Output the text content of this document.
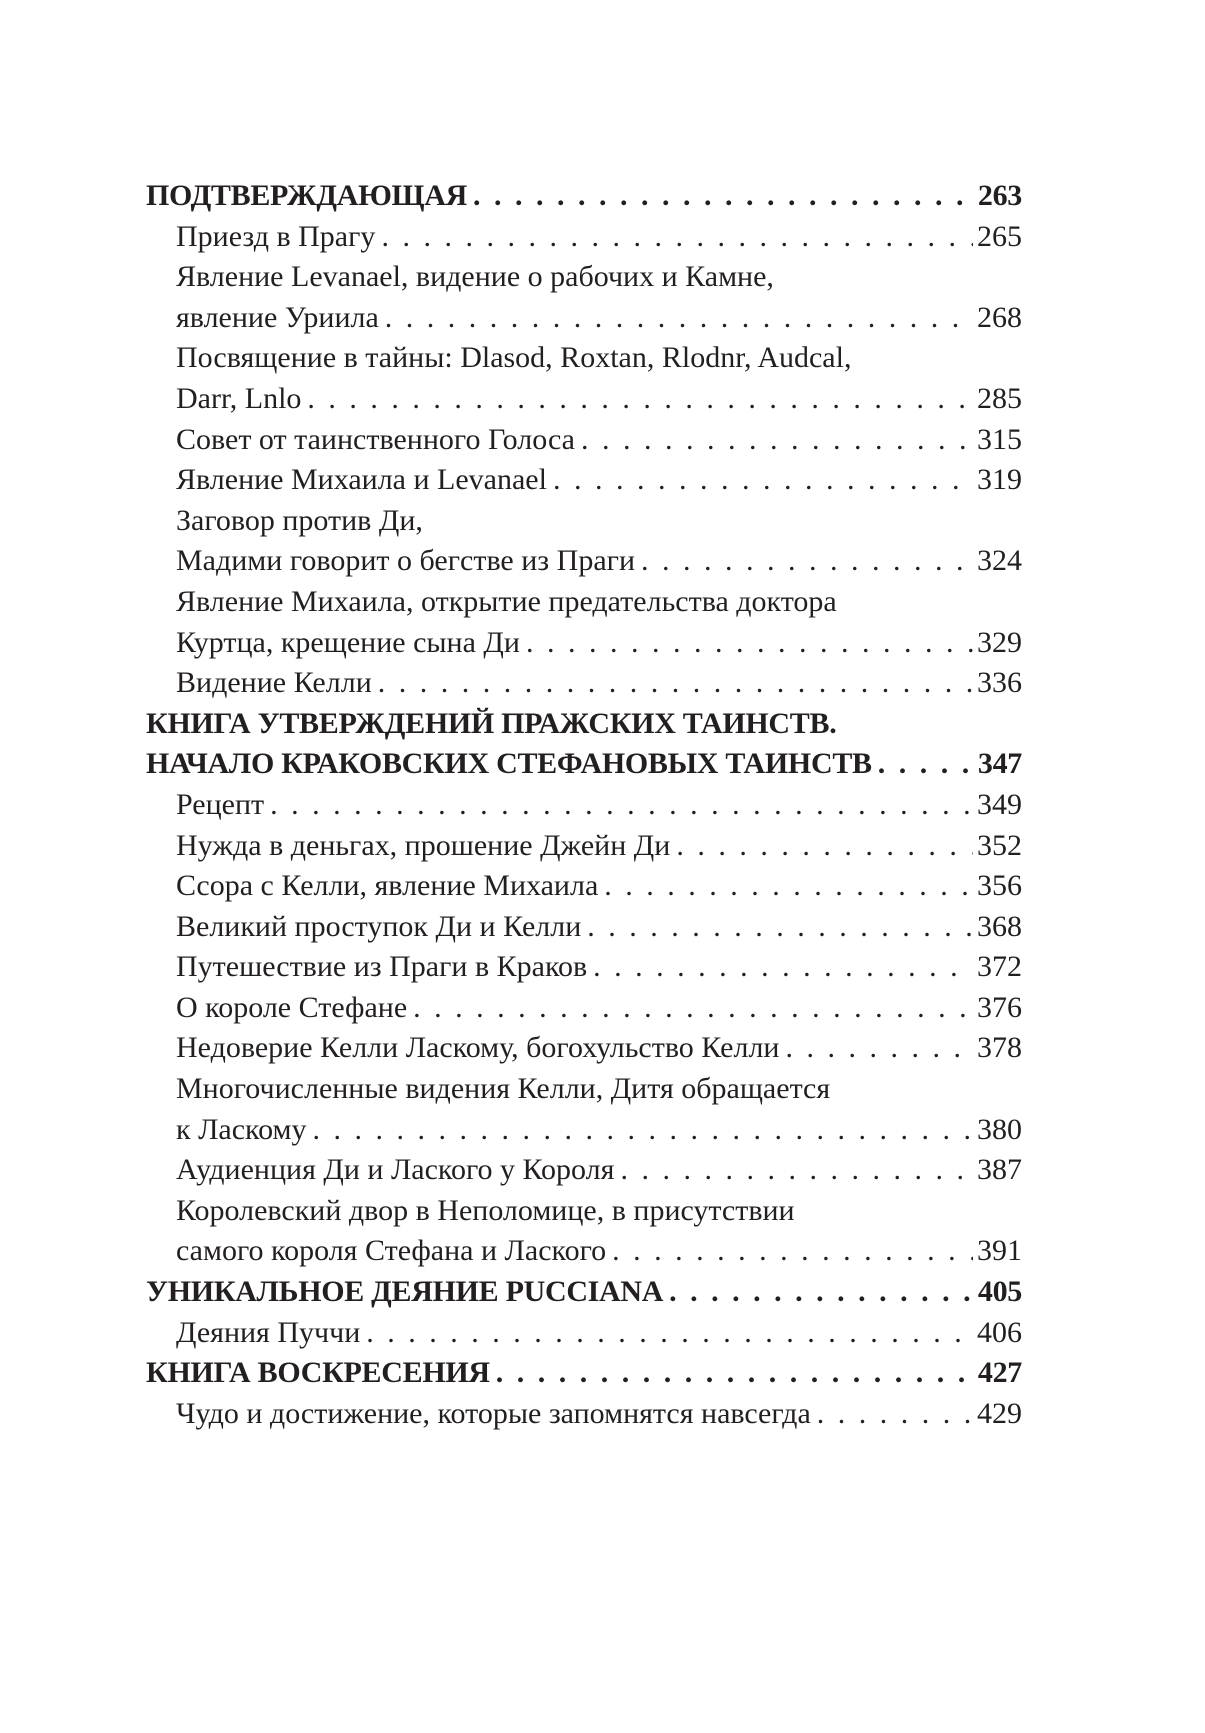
ПОДТВЕРЖДАЮЩАЯ . . .	263
Приезд в Прагу . . .	265
Явление Levanael, видение о рабочих и Камне,
явление Уриила . . .	268
Посвящение в тайны: Dlasod, Roxtan, Rlodnr, Audcal,
Darr, Lnlo . . .	285
Совет от таинственного Голоса . . .	315
Явление Михаила и Levanael . . .	319
Заговор против Ди,
Мадими говорит о бегстве из Праги . . .	324
Явление Михаила, открытие предательства доктора
Куртца, крещение сына Ди . . .	329
Видение Келли . . .	336
КНИГА УТВЕРЖДЕНИЙ ПРАЖСКИХ ТАИНСТВ.
НАЧАЛО КРАКОВСКИХ СТЕФАНОВЫХ ТАИНСТВ . . .	347
Рецепт . . .	349
Нужда в деньгах, прошение Джейн Ди . . .	352
Ссора с Келли, явление Михаила . . .	356
Великий проступок Ди и Келли . . .	368
Путешествие из Праги в Краков . . .	372
О короле Стефане . . .	376
Недоверие Келли Ласкому, богохульство Келли . . .	378
Многочисленные видения Келли, Дитя обращается
к Ласкому . . .	380
Аудиенция Ди и Лаского у Короля . . .	387
Королевский двор в Неполомице, в присутствии
самого короля Стефана и Лаского . . .	391
УНИКАЛЬНОЕ ДЕЯНИЕ PUCCIANA . . .	405
Деяния Пуччи . . .	406
КНИГА ВОСКРЕСЕНИЯ . . .	427
Чудо и достижение, которые запомнятся навсегда . . .	429
